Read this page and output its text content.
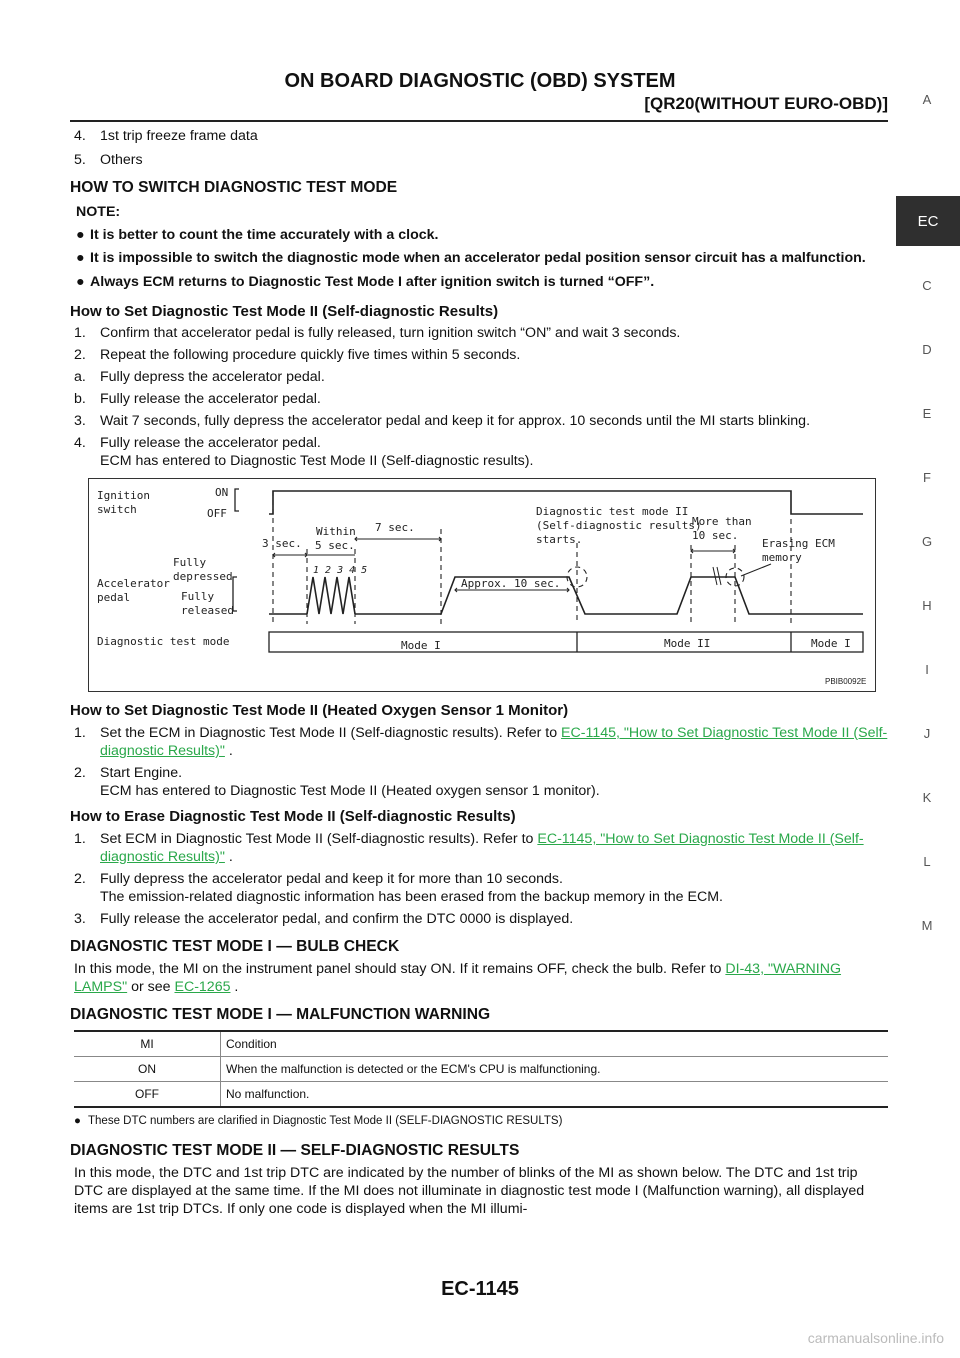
ON BOARD DIAGNOSTIC (OBD) SYSTEM
[QR20(WITHOUT EURO-OBD)]	A
EC
C
D
E
F
G
H
I
J
K
L
M

4. 1st trip freeze frame data

5. Others

HOW TO SWITCH DIAGNOSTIC TEST MODE

NOTE:

● It is better to count the time accurately with a clock.

● It is impossible to switch the diagnostic mode when an accelerator pedal position sensor circuit has a malfunction.

● Always ECM returns to Diagnostic Test Mode I after ignition switch is turned “OFF”.

How to Set Diagnostic Test Mode II (Self-diagnostic Results)

1. Confirm that accelerator pedal is fully released, turn ignition switch “ON” and wait 3 seconds.

2. Repeat the following procedure quickly five times within 5 seconds.

a. Fully depress the accelerator pedal.

b. Fully release the accelerator pedal.

3. Wait 7 seconds, fully depress the accelerator pedal and keep it for approx. 10 seconds until the MI starts blinking.

4. Fully release the accelerator pedal.
ECM has entered to Diagnostic Test Mode II (Self-diagnostic results).

Ignition
switch
ON
OFF
Fully
depressed
Accelerator
pedal	Fully
released
Diagnostic test mode
3 sec.
Within
5 sec.
7 sec.
1 2 3 4 5
Approx. 10 sec.
Diagnostic test mode II
(Self-diagnostic results)
starts.
More than
10 sec.
Erasing ECM
memory
Mode I	Mode II	Mode I
PBIB0092E

How to Set Diagnostic Test Mode II (Heated Oxygen Sensor 1 Monitor)

1. Set the ECM in Diagnostic Test Mode II (Self-diagnostic results). Refer to EC-1145, "How to Set Diagnostic Test Mode II (Self-diagnostic Results)" .

2. Start Engine.
ECM has entered to Diagnostic Test Mode II (Heated oxygen sensor 1 monitor).

How to Erase Diagnostic Test Mode II (Self-diagnostic Results)

1. Set ECM in Diagnostic Test Mode II (Self-diagnostic results). Refer to EC-1145, "How to Set Diagnostic Test Mode II (Self-diagnostic Results)" .

2. Fully depress the accelerator pedal and keep it for more than 10 seconds.
The emission-related diagnostic information has been erased from the backup memory in the ECM.

3. Fully release the accelerator pedal, and confirm the DTC 0000 is displayed.

DIAGNOSTIC TEST MODE I — BULB CHECK

In this mode, the MI on the instrument panel should stay ON. If it remains OFF, check the bulb. Refer to DI-43, "WARNING LAMPS" or see EC-1265 .

DIAGNOSTIC TEST MODE I — MALFUNCTION WARNING

MI	Condition
ON	When the malfunction is detected or the ECM's CPU is malfunctioning.
OFF	No malfunction.

● These DTC numbers are clarified in Diagnostic Test Mode II (SELF-DIAGNOSTIC RESULTS)

DIAGNOSTIC TEST MODE II — SELF-DIAGNOSTIC RESULTS

In this mode, the DTC and 1st trip DTC are indicated by the number of blinks of the MI as shown below. The DTC and 1st trip DTC are displayed at the same time. If the MI does not illuminate in diagnostic test mode I (Malfunction warning), all displayed items are 1st trip DTCs. If only one code is displayed when the MI illumi-

EC-1145
carmanualsonline.info
